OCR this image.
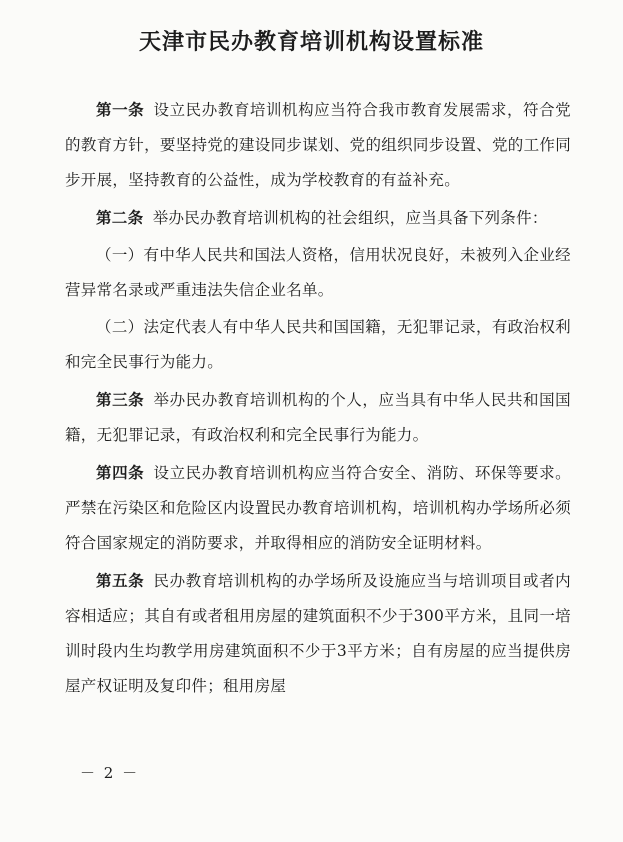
天津市民办教育培训机构设置标准

第一条 设立民办教育培训机构应当符合我市教育发展需求，符合党的教育方针，要坚持党的建设同步谋划、党的组织同步设置、党的工作同步开展，坚持教育的公益性，成为学校教育的有益补充。

第二条 举办民办教育培训机构的社会组织，应当具备下列条件：

（一）有中华人民共和国法人资格，信用状况良好，未被列入企业经营异常名录或严重违法失信企业名单。

（二）法定代表人有中华人民共和国国籍，无犯罪记录，有政治权利和完全民事行为能力。

第三条 举办民办教育培训机构的个人，应当具有中华人民共和国国籍，无犯罪记录，有政治权利和完全民事行为能力。

第四条 设立民办教育培训机构应当符合安全、消防、环保等要求。严禁在污染区和危险区内设置民办教育培训机构，培训机构办学场所必须符合国家规定的消防要求，并取得相应的消防安全证明材料。

第五条 民办教育培训机构的办学场所及设施应当与培训项目或者内容相适应；其自有或者租用房屋的建筑面积不少于300平方米，且同一培训时段内生均教学用房建筑面积不少于3平方米；自有房屋的应当提供房屋产权证明及复印件；租用房屋

－ 2 －
